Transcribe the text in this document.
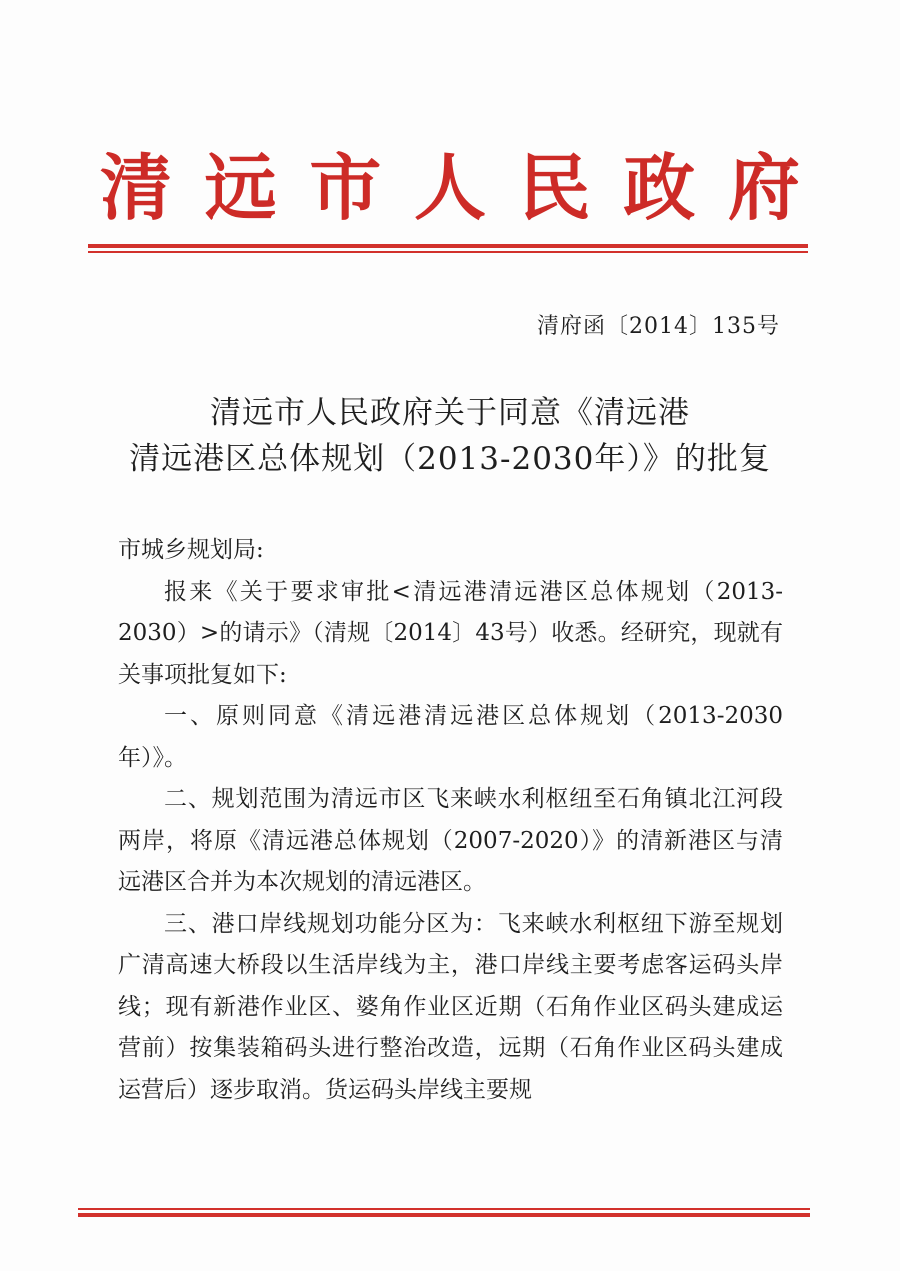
清 远 市 人 民 政 府
清府函〔2014〕135号
清远市人民政府关于同意《清远港
清远港区总体规划（2013-2030年）》的批复

市城乡规划局:

报来《关于要求审批<清远港清远港区总体规划（2013-2030）>的请示》（清规〔2014〕43号）收悉。经研究，现就有关事项批复如下:

一、原则同意《清远港清远港区总体规划（2013-2030年）》。

二、规划范围为清远市区飞来峡水利枢纽至石角镇北江河段两岸，将原《清远港总体规划（2007-2020）》的清新港区与清远港区合并为本次规划的清远港区。

三、港口岸线规划功能分区为：飞来峡水利枢纽下游至规划广清高速大桥段以生活岸线为主，港口岸线主要考虑客运码头岸线；现有新港作业区、婆角作业区近期（石角作业区码头建成运营前）按集装箱码头进行整治改造，远期（石角作业区码头建成运营后）逐步取消。货运码头岸线主要规
